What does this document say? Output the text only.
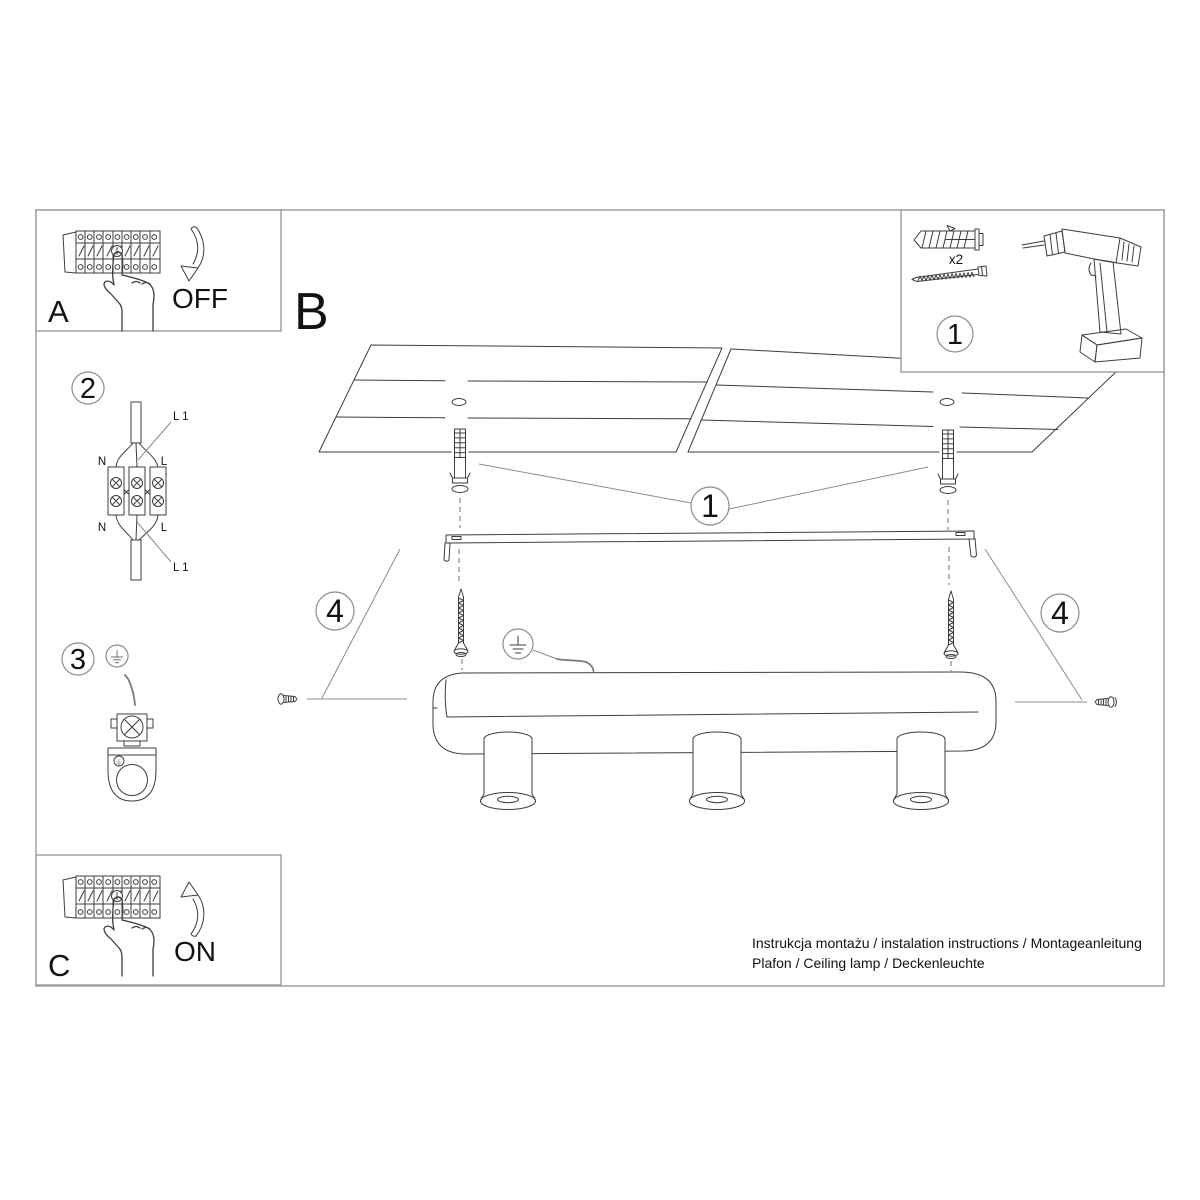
1
4	4
B
x2
1
A	OFF
C	ON
2
L 1
N	L
N	L
L 1
3
Instrukcja montażu / instalation instructions / Montageanleitung
Plafon / Ceiling lamp / Deckenleuchte
